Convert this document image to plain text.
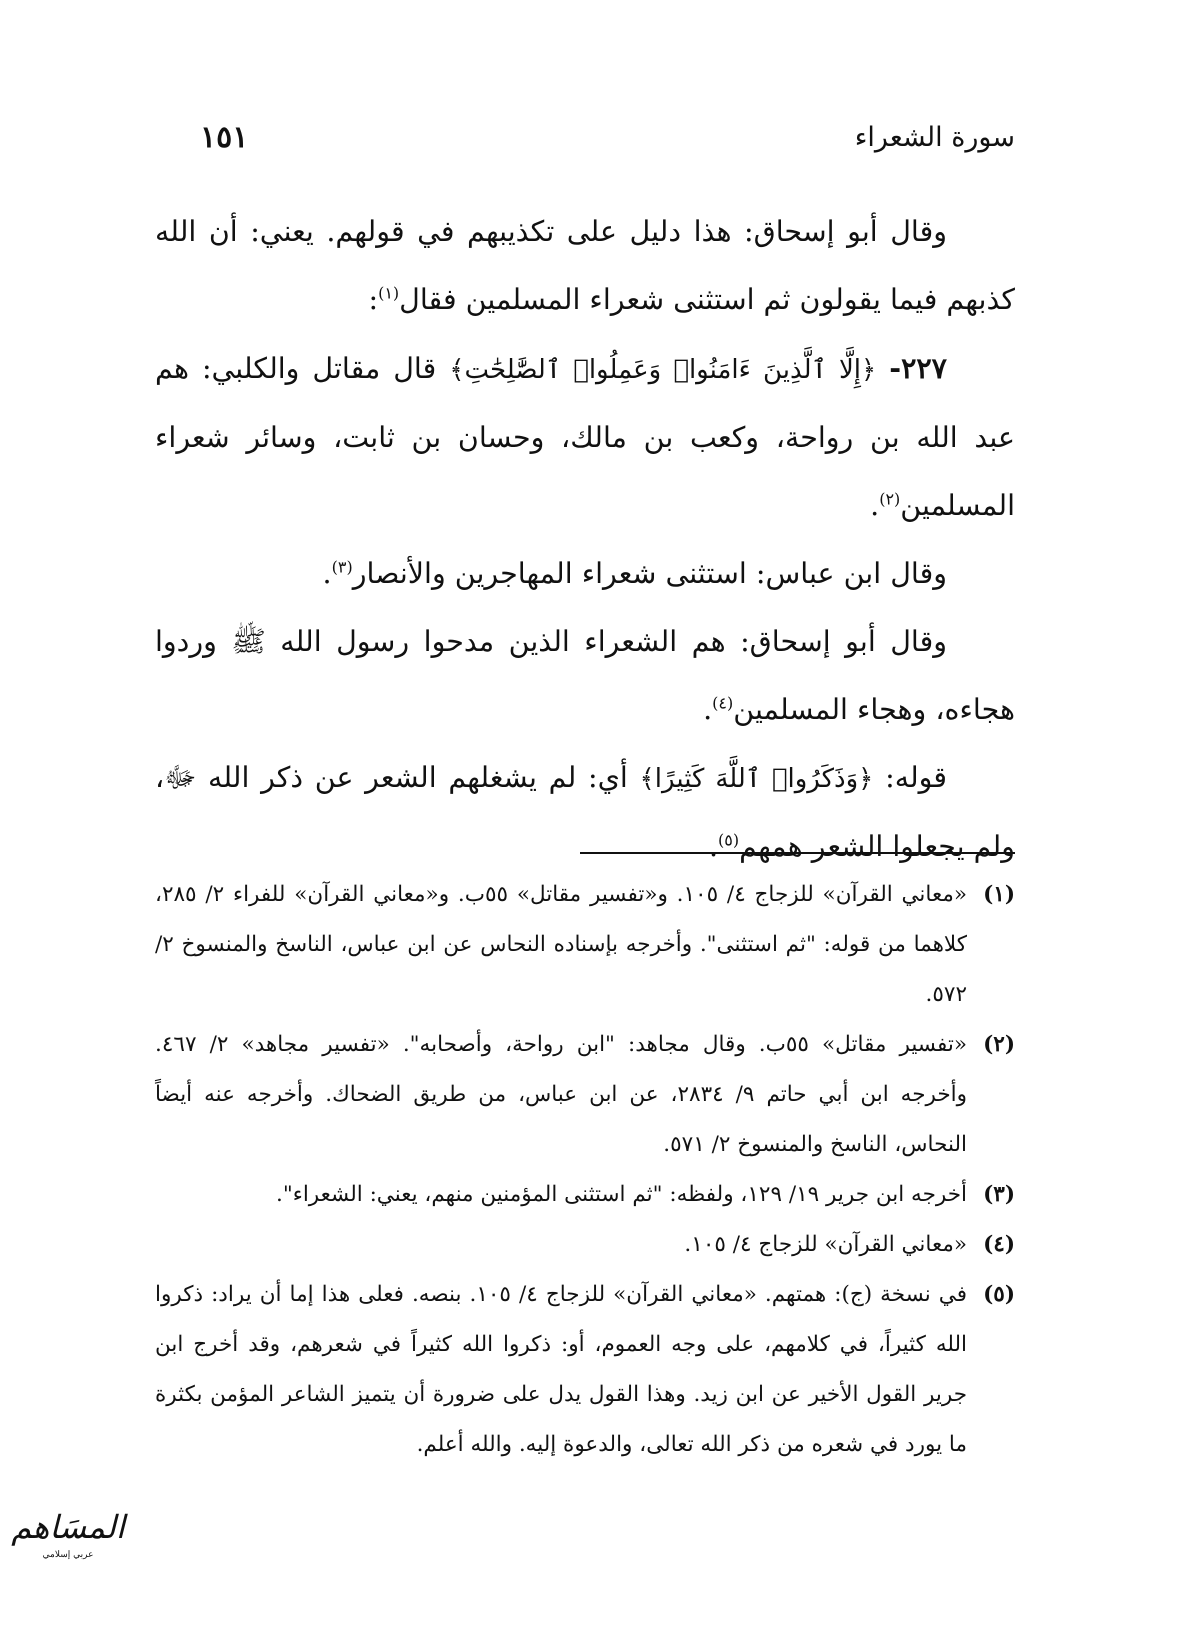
سورة الشعراء
١٥١

وقال أبو إسحاق: هذا دليل على تكذيبهم في قولهم. يعني: أن الله كذبهم فيما يقولون ثم استثنى شعراء المسلمين فقال$^{(١)}$:

٢٢٧- ﴿إِلَّا ٱلَّذِينَ ءَامَنُوا۟ وَعَمِلُوا۟ ٱلصَّٰلِحَٰتِ﴾ قال مقاتل والكلبي: هم عبد الله بن رواحة، وكعب بن مالك، وحسان بن ثابت، وسائر شعراء المسلمين$^{(٢)}$.

وقال ابن عباس: استثنى شعراء المهاجرين والأنصار$^{(٣)}$.

وقال أبو إسحاق: هم الشعراء الذين مدحوا رسول الله ﷺ وردوا هجاءه، وهجاء المسلمين$^{(٤)}$.

قوله: ﴿وَذَكَرُوا۟ ٱللَّهَ كَثِيرًا﴾ أي: لم يشغلهم الشعر عن ذكر الله ﷻ، ولم يجعلوا الشعر همهم$^{(٥)}$.

(١)
«معاني القرآن» للزجاج ٤/ ١٠٥. و«تفسير مقاتل» ٥٥ب. و«معاني القرآن» للفراء ٢/ ٢٨٥، كلاهما من قوله: "ثم استثنى". وأخرجه بإسناده النحاس عن ابن عباس، الناسخ والمنسوخ ٢/ ٥٧٢.

(٢)
«تفسير مقاتل» ٥٥ب. وقال مجاهد: "ابن رواحة، وأصحابه". «تفسير مجاهد» ٢/ ٤٦٧. وأخرجه ابن أبي حاتم ٩/ ٢٨٣٤، عن ابن عباس، من طريق الضحاك. وأخرجه عنه أيضاً النحاس، الناسخ والمنسوخ ٢/ ٥٧١.

(٣)
أخرجه ابن جرير ١٩/ ١٢٩، ولفظه: "ثم استثنى المؤمنين منهم، يعني: الشعراء".

(٤)
«معاني القرآن» للزجاج ٤/ ١٠٥.

(٥)
في نسخة (ج): همتهم. «معاني القرآن» للزجاج ٤/ ١٠٥. بنصه. فعلى هذا إما أن يراد: ذكروا الله كثيراً، في كلامهم، على وجه العموم، أو: ذكروا الله كثيراً في شعرهم، وقد أخرج ابن جرير القول الأخير عن ابن زيد. وهذا القول يدل على ضرورة أن يتميز الشاعر المؤمن بكثرة ما يورد في شعره من ذكر الله تعالى، والدعوة إليه. والله أعلم.

المسَاهم
عربي إسلامي
